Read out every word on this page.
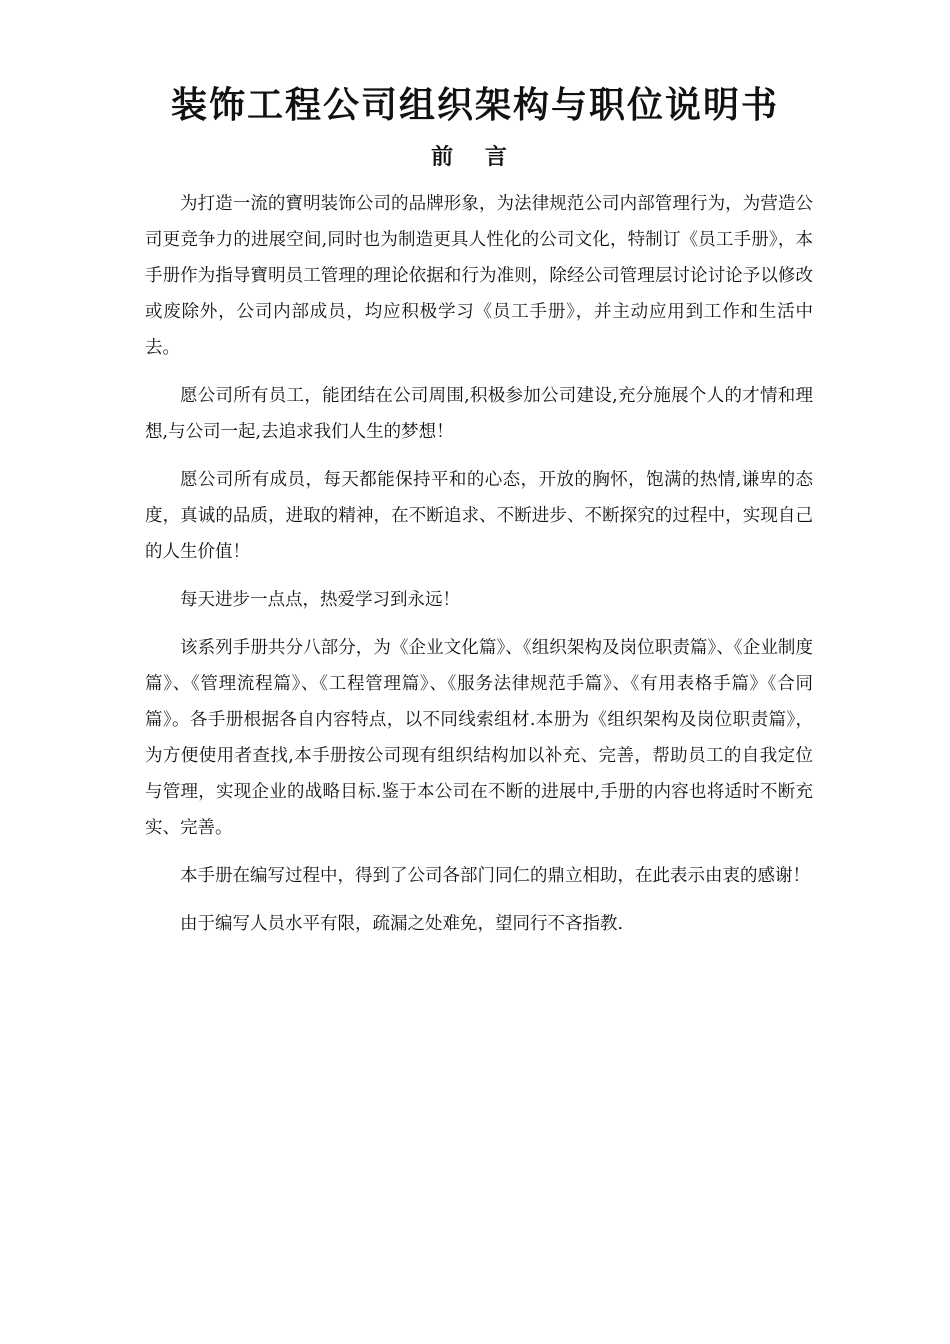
装饰工程公司组织架构与职位说明书
前 言

为打造一流的寶明装饰公司的品牌形象，为法律规范公司内部管理行为，为营造公司更竞争力的进展空间,同时也为制造更具人性化的公司文化，特制订《员工手册》，本手册作为指导寶明员工管理的理论依据和行为准则，除经公司管理层讨论讨论予以修改或废除外，公司内部成员，均应积极学习《员工手册》，并主动应用到工作和生活中去。

愿公司所有员工，能团结在公司周围,积极参加公司建设,充分施展个人的才情和理想,与公司一起,去追求我们人生的梦想！

愿公司所有成员，每天都能保持平和的心态，开放的胸怀，饱满的热情,谦卑的态度，真诚的品质，进取的精神，在不断追求、不断进步、不断探究的过程中，实现自己的人生价值！

每天进步一点点，热爱学习到永远！

该系列手册共分八部分，为《企业文化篇》、《组织架构及岗位职责篇》、《企业制度篇》、《管理流程篇》、《工程管理篇》、《服务法律规范手篇》、《有用表格手篇》《合同篇》。各手册根据各自内容特点，以不同线索组材.本册为《组织架构及岗位职责篇》，为方便使用者查找,本手册按公司现有组织结构加以补充、完善，帮助员工的自我定位与管理，实现企业的战略目标.鉴于本公司在不断的进展中,手册的内容也将适时不断充实、完善。

本手册在编写过程中，得到了公司各部门同仁的鼎立相助，在此表示由衷的感谢！

由于编写人员水平有限，疏漏之处难免，望同行不吝指教.
